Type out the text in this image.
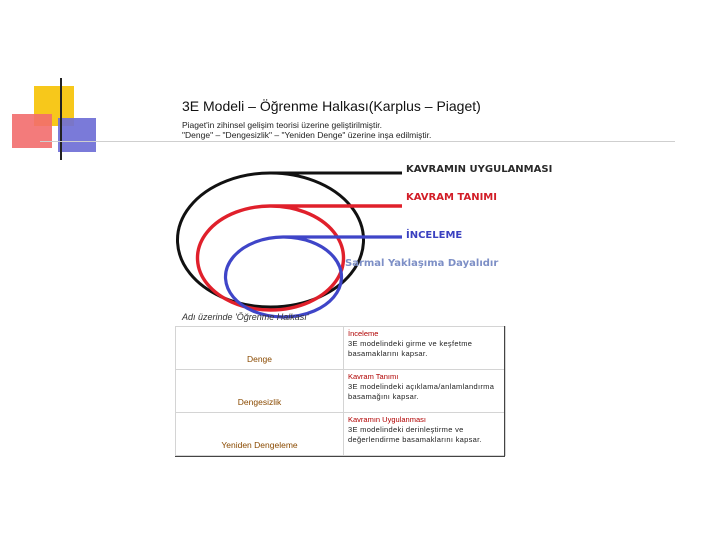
3E Modeli – Öğrenme Halkası(Karplus – Piaget)
Piaget'in zihinsel gelişim teorisi üzerine geliştirilmiştir.
"Denge" – "Dengesizlik" – "Yeniden Denge" üzerine inşa edilmiştir.
KAVRAMIN UYGULANMASI
KAVRAM TANIMI
İNCELEME
Sarmal Yaklaşıma Dayalıdır
Adı üzerinde 'Öğrenme Halkası'
Denge	İnceleme
3E modelindeki girme ve keşfetme basamaklarını kapsar.

Dengesizlik	Kavram Tanımı
3E modelindeki açıklama/anlamlandırma basamağını kapsar.

Yeniden Dengeleme	Kavramın Uygulanması
3E modelindeki derinleştirme ve değerlendirme basamaklarını kapsar.
